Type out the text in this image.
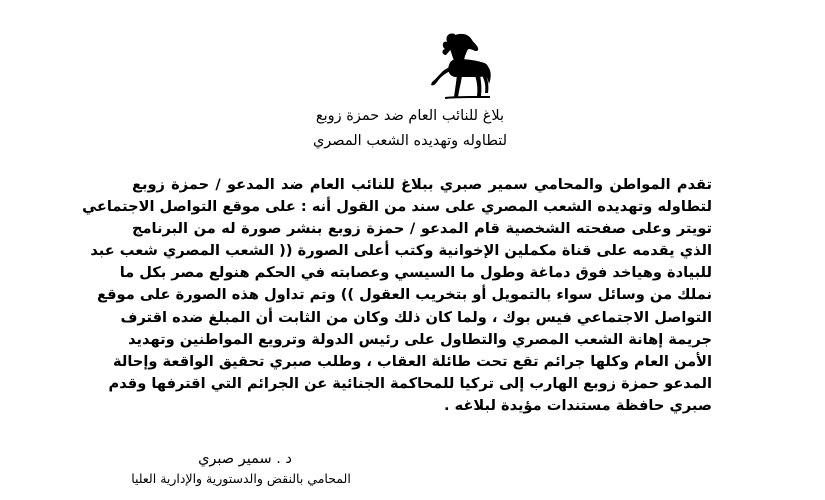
بلاغ للنائب العام ضد حمزة زوبع
لتطاوله وتهديده الشعب المصري
تقدم المواطن والمحامي سمير صبري ببلاغ للنائب العام ضد المدعو / حمزة زوبع
لتطاوله وتهديده الشعب المصري على سند من القول أنه : على موقع التواصل الاجتماعي
تويتر وعلى صفحته الشخصية قام المدعو / حمزة زوبع بنشر صورة له من البرنامج
الذي يقدمه على قناة مكملين الإخوانية وكتب أعلى الصورة (( الشعب المصري شعب عبد
للبيادة وهياخد فوق دماغة وطول ما السيسي وعصابته في الحكم هنولع مصر بكل ما
نملك من وسائل سواء بالتمويل أو بتخريب العقول )) وتم تداول هذه الصورة على موقع
التواصل الاجتماعي فيس بوك ، ولما كان ذلك وكان من الثابت أن المبلغ ضده اقترف
جريمة إهانة الشعب المصري والتطاول على رئيس الدولة وترويع المواطنين وتهديد
الأمن العام وكلها جرائم تقع تحت طائلة العقاب ، وطلب صبري تحقيق الواقعة وإحالة
المدعو حمزة زوبع الهارب إلى تركيا للمحاكمة الجنائية عن الجرائم التي اقترفها وقدم
صبري حافظة مستندات مؤيدة لبلاغه .
د . سمير صبري
المحامي بالنقض والدستورية والإدارية العليا
